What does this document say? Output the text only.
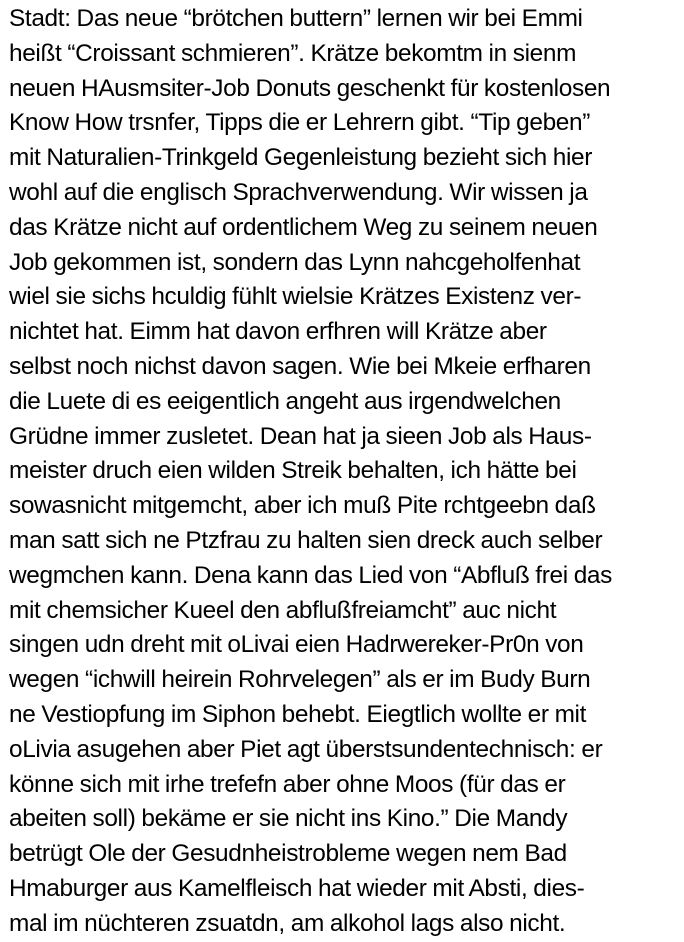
Stadt: Das neue “brötchen buttern” lernen wir bei Emmi
heißt “Croissant schmieren”. Krätze bekomtm in sienm
neuen HAusmsiter-Job Donuts geschenkt für kostenlosen
Know How trsnfer, Tipps die er Lehrern gibt. “Tip geben”
mit Naturalien-Trinkgeld Gegenleistung bezieht sich hier
wohl auf die englisch Sprachverwendung. Wir wissen ja
das Krätze nicht auf ordentlichem Weg zu seinem neuen
Job gekommen ist, sondern das Lynn nahcgeholfenhat
wiel sie sichs hculdig fühlt wielsie Krätzes Existenz ver-
nichtet hat. Eimm hat davon erfhren will Krätze aber
selbst noch nichst davon sagen. Wie bei Mkeie erfharen
die Luete di es eeigentlich angeht aus irgendwelchen
Grüdne immer zusletet. Dean hat ja sieen Job als Haus-
meister druch eien wilden Streik behalten, ich hätte bei
sowasnicht mitgemcht, aber ich muß Pite rchtgeebn daß
man satt sich ne Ptzfrau zu halten sien dreck auch selber
wegmchen kann. Dena kann das Lied von “Abfluß frei das
mit chemsicher Kueel den abflußfreiamcht” auc nicht
singen udn dreht mit oLivai eien Hadrwereker-Pr0n von
wegen “ichwill heirein Rohrvelegen” als er im Budy Burn
ne Vestiopfung im Siphon behebt. Eiegtlich wollte er mit
oLivia asugehen aber Piet agt überstsundentechnisch: er
könne sich mit irhe trefefn aber ohne Moos (für das er
abeiten soll) bekäme er sie nicht ins Kino.” Die Mandy
betrügt Ole der Gesudnheistrobleme wegen nem Bad
Hmaburger aus Kamelfleisch hat wieder mit Absti, dies-
mal im nüchteren zsuatdn, am alkohol lags also nicht.
